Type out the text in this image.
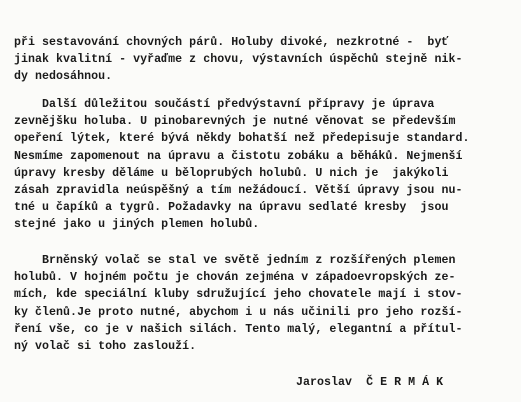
při sestavování chovných párů. Holuby divoké, nezkrotné -  byť
jinak kvalitní - vyřaďme z chovu, výstavních úspěchů stejně nik-
dy nedosáhnou.
Další důležitou součástí předvýstavní přípravy je úprava
zevnějšku holuba. U pinobarevných je nutné věnovat se především
opeření lýtek, které bývá někdy bohatší než předepisuje standard.
Nesmíme zapomenout na úpravu a čistotu zobáku a běháků. Nejmenší
úpravy kresby děláme u běloprubých holubů. U nich je  jakýkoli
zásah zpravidla neúspěšný a tím nežádoucí. Větší úpravy jsou nu-
tné u čapíků a tygrů. Požadavky na úpravu sedlaté kresby  jsou
stejné jako u jiných plemen holubů.
Brněnský volač se stal ve světě jedním z rozšířených plemen
holubů. V hojném počtu je chován zejména v západoevropských ze-
mích, kde speciální kluby sdružující jeho chovatele mají i stov-
ky členů.Je proto nutné, abychom i u nás učinili pro jeho rozší-
ření vše, co je v našich silách. Tento malý, elegantní a přítul-
ný volač si toho zaslouží.
Jaroslav  Č E R M Á K
